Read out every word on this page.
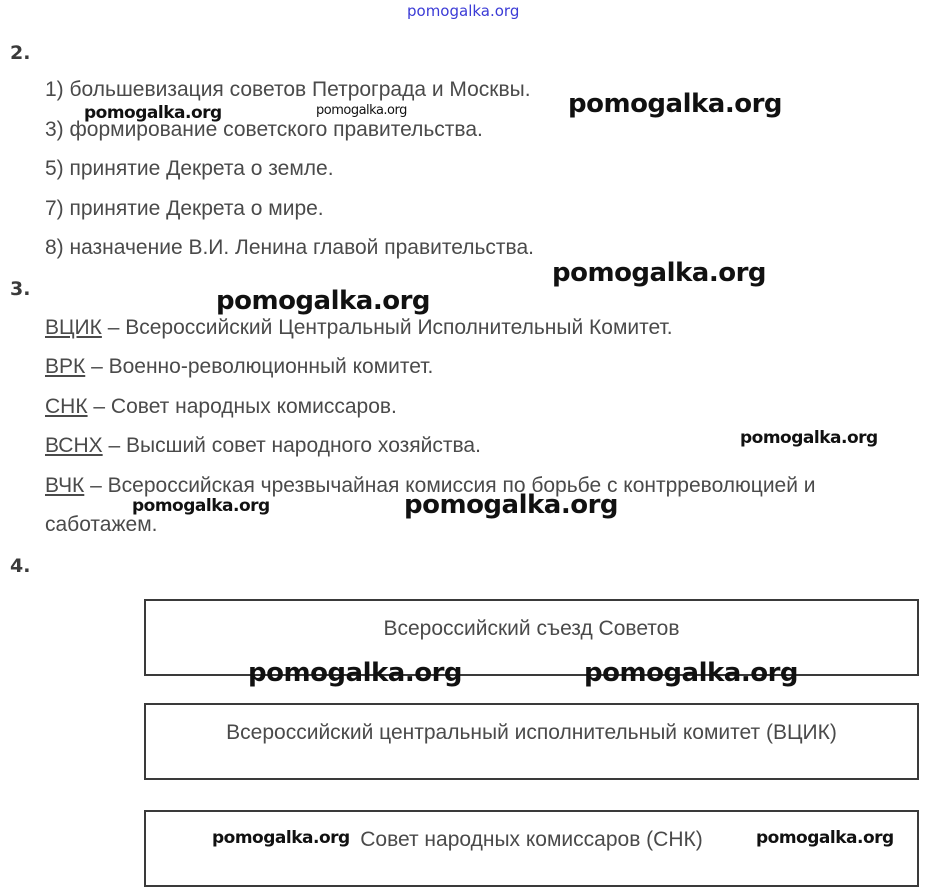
pomogalka.org
2.
1) большевизация советов Петрограда и Москвы.
3) формирование советского правительства.
5) принятие Декрета о земле.
7) принятие Декрета о мире.
8) назначение В.И. Ленина главой правительства.
3.
ВЦИК – Всероссийский Центральный Исполнительный Комитет.
ВРК – Военно-революционный комитет.
СНК – Совет народных комиссаров.
ВСНХ – Высший совет народного хозяйства.
ВЧК – Всероссийская чрезвычайная комиссия по борьбе с контрреволюцией и
саботажем.
4.
Всероссийский съезд Советов
Всероссийский центральный исполнительный комитет (ВЦИК)
Совет народных комиссаров (СНК)
pomogalka.org	pomogalka.org	pomogalka.org
pomogalka.org
pomogalka.org
pomogalka.org
pomogalka.org	pomogalka.org
pomogalka.org	pomogalka.org
pomogalka.org	pomogalka.org
